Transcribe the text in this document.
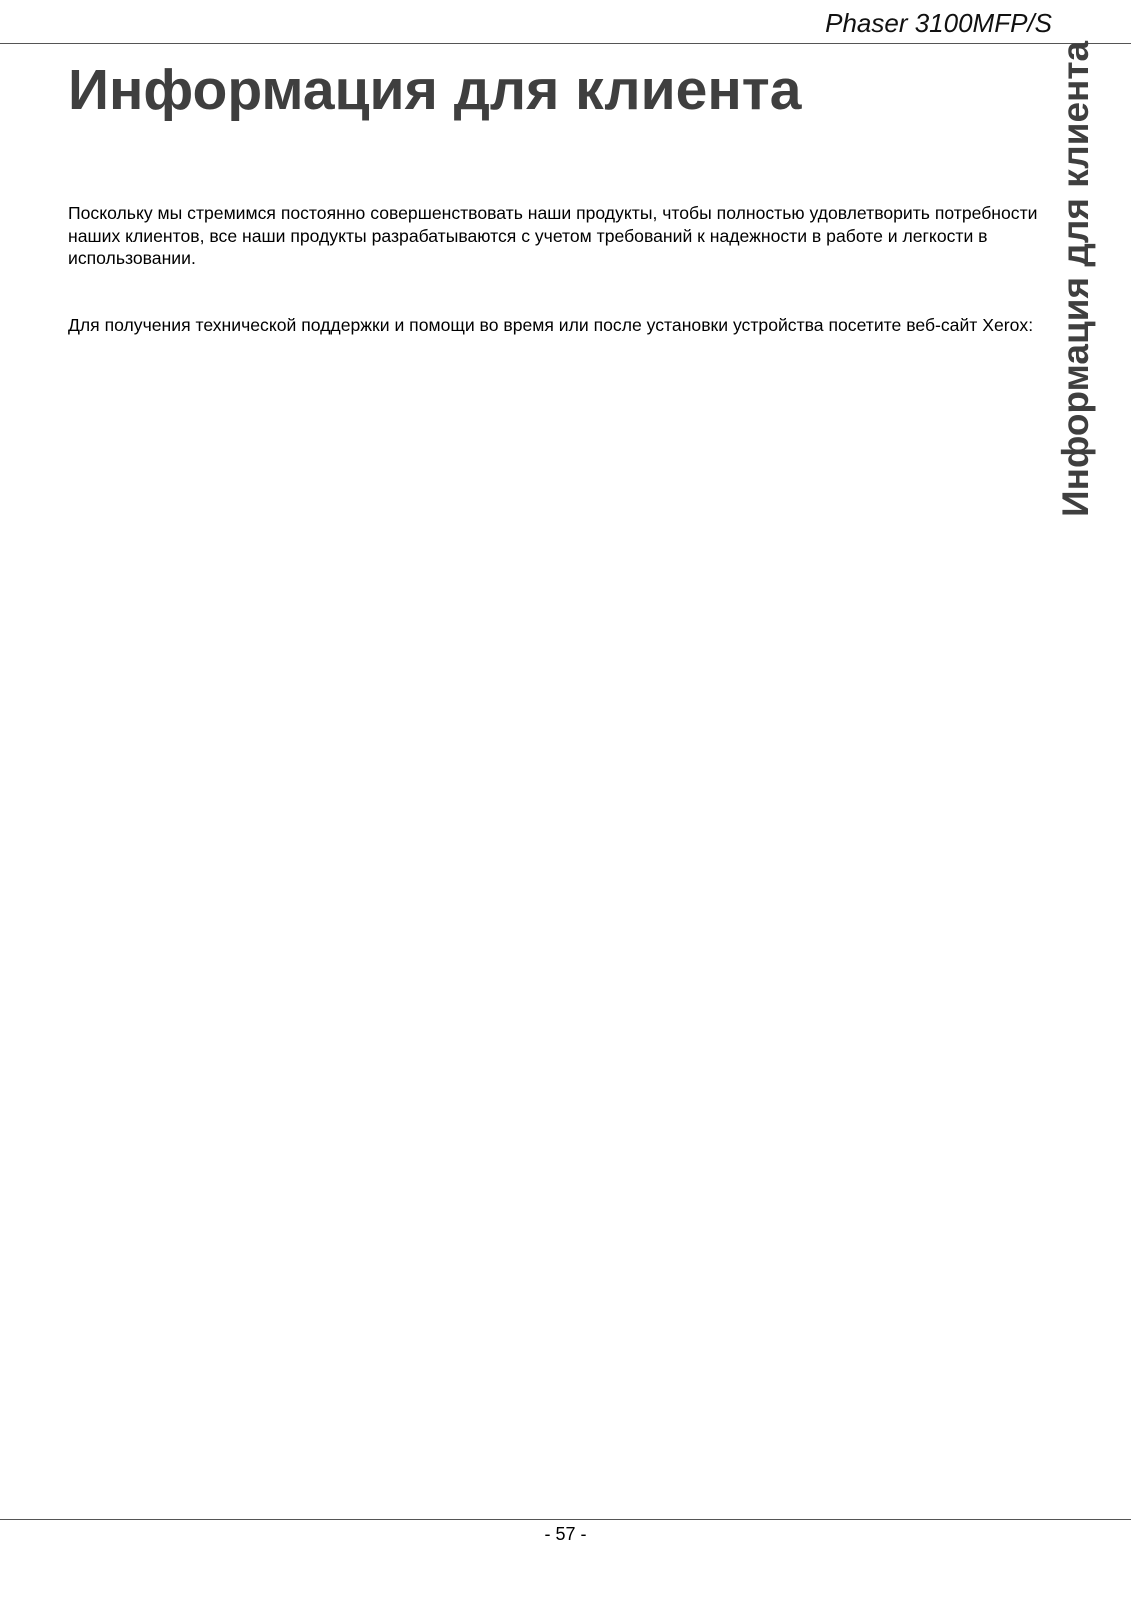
Phaser 3100MFP/S
Информация для клиента	Информация для клиента

Поскольку мы стремимся постоянно совершенствовать наши продукты, чтобы полностью удовлетворить потребности наших клиентов, все наши продукты разрабатываются с учетом требований к надежности в работе и легкости в использовании.

Для получения технической поддержки и помощи во время или после установки устройства посетите веб-сайт Xerox:

- 57 -
